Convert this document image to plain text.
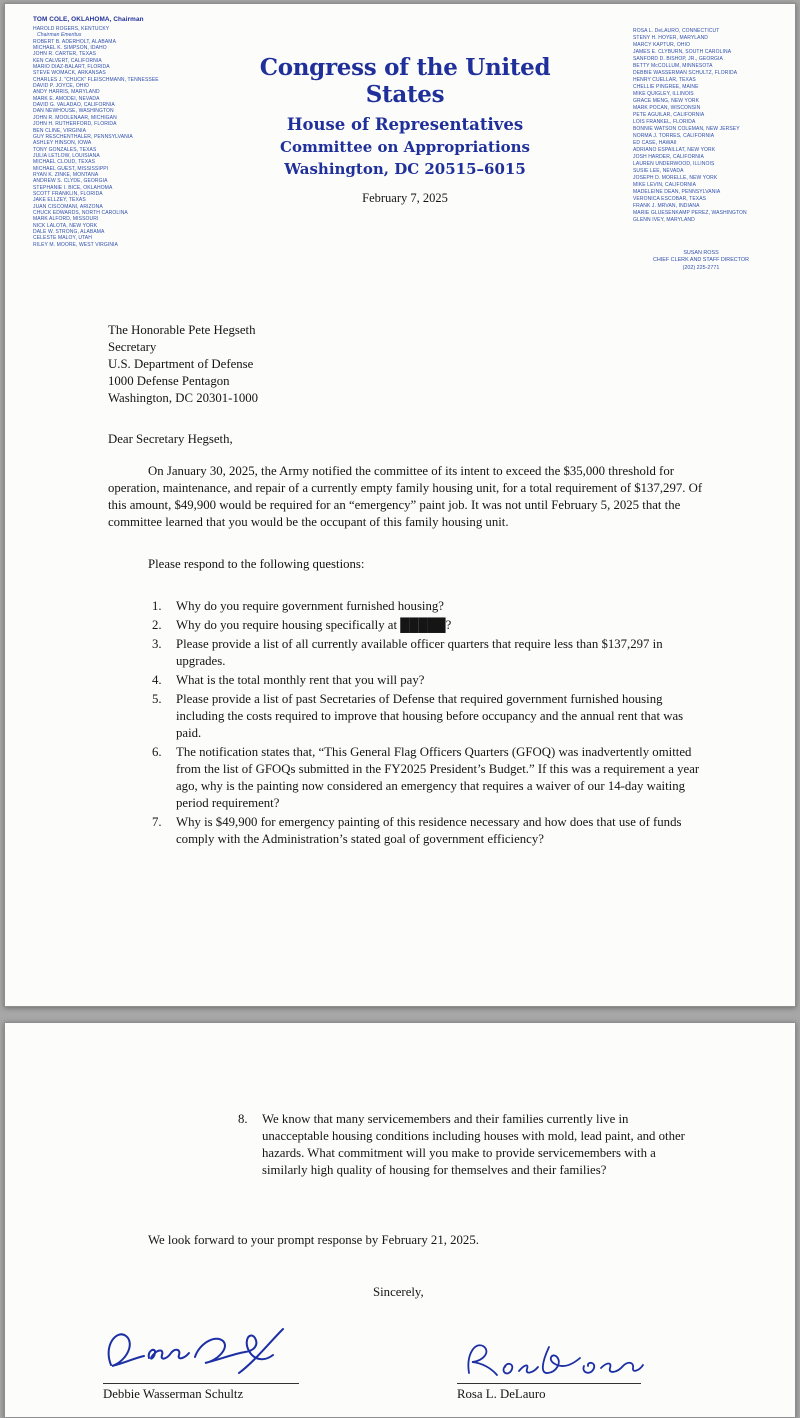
TOM COLE, OKLAHOMA, Chairman
HAROLD ROGERS, KENTUCKY
Chairman Emeritus
ROBERT B. ADERHOLT, ALABAMA
MICHAEL K. SIMPSON, IDAHO
JOHN R. CARTER, TEXAS
KEN CALVERT, CALIFORNIA
MARIO DIAZ-BALART, FLORIDA
STEVE WOMACK, ARKANSAS
CHARLES J. “CHUCK” FLEISCHMANN, TENNESSEE
DAVID P. JOYCE, OHIO
ANDY HARRIS, MARYLAND
MARK E. AMODEI, NEVADA
DAVID G. VALADAO, CALIFORNIA
DAN NEWHOUSE, WASHINGTON
JOHN R. MOOLENAAR, MICHIGAN
JOHN H. RUTHERFORD, FLORIDA
BEN CLINE, VIRGINIA
GUY RESCHENTHALER, PENNSYLVANIA
ASHLEY HINSON, IOWA
TONY GONZALES, TEXAS
JULIA LETLOW, LOUISIANA
MICHAEL CLOUD, TEXAS
MICHAEL GUEST, MISSISSIPPI
RYAN K. ZINKE, MONTANA
ANDREW S. CLYDE, GEORGIA
STEPHANIE I. BICE, OKLAHOMA
SCOTT FRANKLIN, FLORIDA
JAKE ELLZEY, TEXAS
JUAN CISCOMANI, ARIZONA
CHUCK EDWARDS, NORTH CAROLINA
MARK ALFORD, MISSOURI
NICK LALOTA, NEW YORK
DALE W. STRONG, ALABAMA
CELESTE MALOY, UTAH
RILEY M. MOORE, WEST VIRGINIA
Congress of the United States
House of Representatives
Committee on Appropriations
Washington, DC 20515–6015
February 7, 2025
ROSA L. DeLAURO, CONNECTICUT
STENY H. HOYER, MARYLAND
MARCY KAPTUR, OHIO
JAMES E. CLYBURN, SOUTH CAROLINA
SANFORD D. BISHOP, JR., GEORGIA
BETTY McCOLLUM, MINNESOTA
DEBBIE WASSERMAN SCHULTZ, FLORIDA
HENRY CUELLAR, TEXAS
CHELLIE PINGREE, MAINE
MIKE QUIGLEY, ILLINOIS
GRACE MENG, NEW YORK
MARK POCAN, WISCONSIN
PETE AGUILAR, CALIFORNIA
LOIS FRANKEL, FLORIDA
BONNIE WATSON COLEMAN, NEW JERSEY
NORMA J. TORRES, CALIFORNIA
ED CASE, HAWAII
ADRIANO ESPAILLAT, NEW YORK
JOSH HARDER, CALIFORNIA
LAUREN UNDERWOOD, ILLINOIS
SUSIE LEE, NEVADA
JOSEPH D. MORELLE, NEW YORK
MIKE LEVIN, CALIFORNIA
MADELEINE DEAN, PENNSYLVANIA
VERONICA ESCOBAR, TEXAS
FRANK J. MRVAN, INDIANA
MARIE GLUESENKAMP PEREZ, WASHINGTON
GLENN IVEY, MARYLAND
SUSAN ROSS
CHIEF CLERK AND STAFF DIRECTOR
(202) 225-2771
The Honorable Pete Hegseth
Secretary
U.S. Department of Defense
1000 Defense Pentagon
Washington, DC 20301-1000

Dear Secretary Hegseth,

On January 30, 2025, the Army notified the committee of its intent to exceed the $35,000 threshold for operation, maintenance, and repair of a currently empty family housing unit, for a total requirement of $137,297. Of this amount, $49,900 would be required for an “emergency” paint job. It was not until February 5, 2025 that the committee learned that you would be the occupant of this family housing unit.

Please respond to the following questions:

1.	Why do you require government furnished housing?
2.	Why do you require housing specifically at █████?
3.	Please provide a list of all currently available officer quarters that require less than $137,297 in upgrades.
4.	What is the total monthly rent that you will pay?
5.	Please provide a list of past Secretaries of Defense that required government furnished housing including the costs required to improve that housing before occupancy and the annual rent that was paid.
6.	The notification states that, “This General Flag Officers Quarters (GFOQ) was inadvertently omitted from the list of GFOQs submitted in the FY2025 President’s Budget.” If this was a requirement a year ago, why is the painting now considered an emergency that requires a waiver of our 14-day waiting period requirement?
7.	Why is $49,900 for emergency painting of this residence necessary and how does that use of funds comply with the Administration’s stated goal of government efficiency?
8.	We know that many servicemembers and their families currently live in unacceptable housing conditions including houses with mold, lead paint, and other hazards. What commitment will you make to provide servicemembers with a similarly high quality of housing for themselves and their families?

We look forward to your prompt response by February 21, 2025.

Sincerely,

Debbie Wasserman Schultz	Rosa L. DeLauro
